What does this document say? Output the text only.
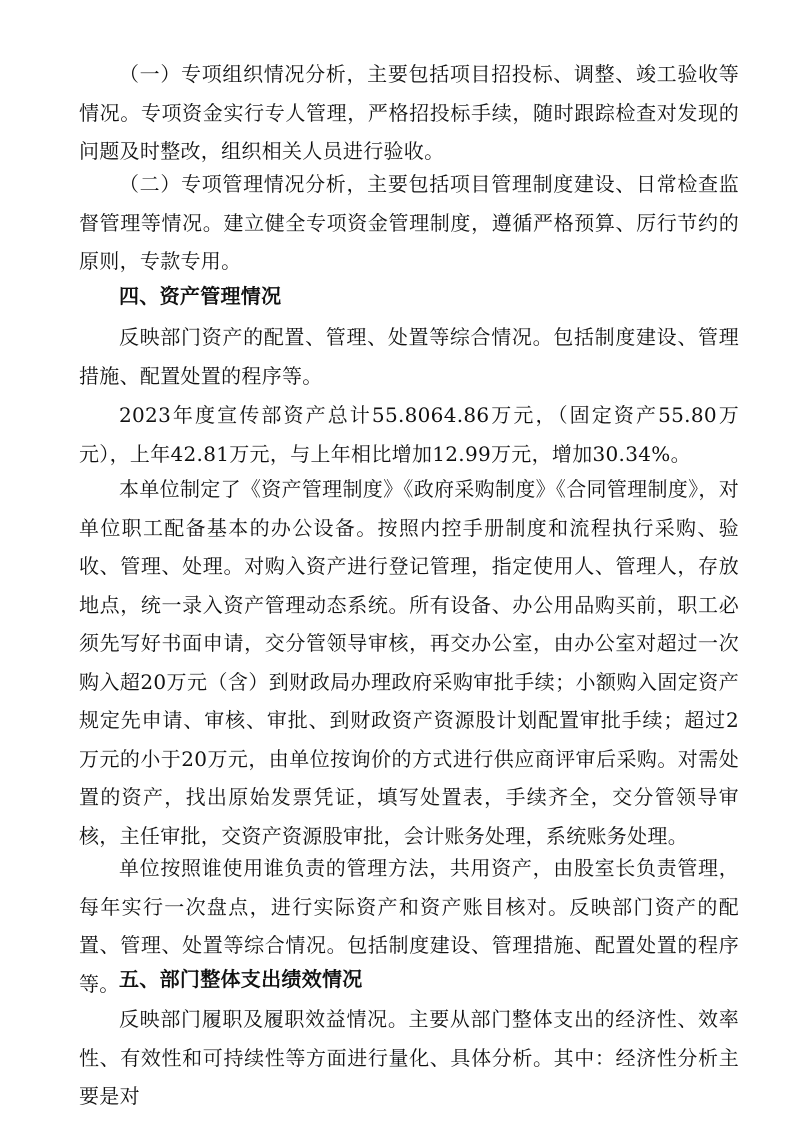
（一）专项组织情况分析，主要包括项目招投标、调整、竣工验收等情况。专项资金实行专人管理，严格招投标手续，随时跟踪检查对发现的问题及时整改，组织相关人员进行验收。

（二）专项管理情况分析，主要包括项目管理制度建设、日常检查监督管理等情况。建立健全专项资金管理制度，遵循严格预算、厉行节约的原则，专款专用。

四、资产管理情况

反映部门资产的配置、管理、处置等综合情况。包括制度建设、管理措施、配置处置的程序等。

2023年度宣传部资产总计55.8064.86万元，（固定资产55.80万元），上年42.81万元，与上年相比增加12.99万元，增加30.34%。

本单位制定了《资产管理制度》《政府采购制度》《合同管理制度》，对单位职工配备基本的办公设备。按照内控手册制度和流程执行采购、验收、管理、处理。对购入资产进行登记管理，指定使用人、管理人，存放地点，统一录入资产管理动态系统。所有设备、办公用品购买前，职工必须先写好书面申请，交分管领导审核，再交办公室，由办公室对超过一次购入超20万元（含）到财政局办理政府采购审批手续；小额购入固定资产规定先申请、审核、审批、到财政资产资源股计划配置审批手续；超过2万元的小于20万元，由单位按询价的方式进行供应商评审后采购。对需处置的资产，找出原始发票凭证，填写处置表，手续齐全，交分管领导审核，主任审批，交资产资源股审批，会计账务处理，系统账务处理。

单位按照谁使用谁负责的管理方法，共用资产，由股室长负责管理，每年实行一次盘点，进行实际资产和资产账目核对。反映部门资产的配置、管理、处置等综合情况。包括制度建设、管理措施、配置处置的程序等。 五、部门整体支出绩效情况

反映部门履职及履职效益情况。主要从部门整体支出的经济性、效率性、有效性和可持续性等方面进行量化、具体分析。其中：经济性分析主要是对
